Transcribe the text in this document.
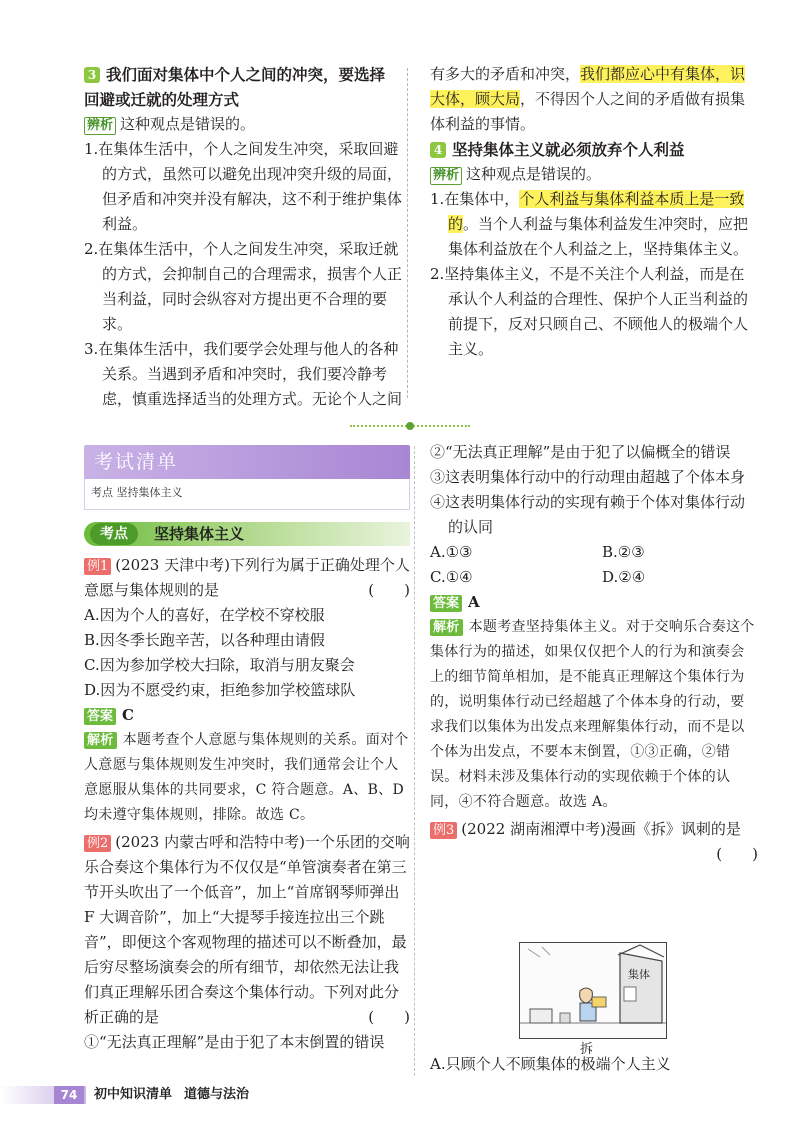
3 我们面对集体中个人之间的冲突，要选择
回避或迁就的处理方式

辨析 这种观点是错误的。

1.在集体生活中，个人之间发生冲突，采取回避的方式，虽然可以避免出现冲突升级的局面，但矛盾和冲突并没有解决，这不利于维护集体利益。

2.在集体生活中，个人之间发生冲突，采取迁就的方式，会抑制自己的合理需求，损害个人正当利益，同时会纵容对方提出更不合理的要求。

3.在集体生活中，我们要学会处理与他人的各种关系。当遇到矛盾和冲突时，我们要冷静考虑，慎重选择适当的处理方式。无论个人之间

有多大的矛盾和冲突，我们都应心中有集体，识大体，顾大局，不得因个人之间的矛盾做有损集体利益的事情。

4 坚持集体主义就必须放弃个人利益

辨析 这种观点是错误的。

1.在集体中，个人利益与集体利益本质上是一致的。当个人利益与集体利益发生冲突时，应把集体利益放在个人利益之上，坚持集体主义。

2.坚持集体主义，不是不关注个人利益，而是在承认个人利益的合理性、保护个人正当利益的前提下，反对只顾自己、不顾他人的极端个人主义。

考试清单
考点 坚持集体主义
考点	坚持集体主义

例1 (2023 天津中考)下列行为属于正确处理个人意愿与集体规则的是	(　　)

A.因为个人的喜好，在学校不穿校服

B.因冬季长跑辛苦，以各种理由请假

C.因为参加学校大扫除，取消与朋友聚会

D.因为不愿受约束，拒绝参加学校篮球队

答案 C

解析 本题考查个人意愿与集体规则的关系。面对个人意愿与集体规则发生冲突时，我们通常会让个人意愿服从集体的共同要求，C 符合题意。A、B、D 均未遵守集体规则，排除。故选 C。

例2 (2023 内蒙古呼和浩特中考)一个乐团的交响乐合奏这个集体行为不仅仅是“单管演奏者在第三节开头吹出了一个低音”，加上“首席钢琴师弹出 F 大调音阶”，加上“大提琴手接连拉出三个跳音”，即便这个客观物理的描述可以不断叠加，最后穷尽整场演奏会的所有细节，却依然无法让我们真正理解乐团合奏这个集体行动。下列对此分析正确的是	(　　)

①“无法真正理解”是由于犯了本末倒置的错误

②“无法真正理解”是由于犯了以偏概全的错误

③这表明集体行动中的行动理由超越了个体本身

④这表明集体行动的实现有赖于个体对集体行动的认同

A.①③	B.②③
C.①④	D.②④

答案 A

解析 本题考查坚持集体主义。对于交响乐合奏这个集体行为的描述，如果仅仅把个人的行为和演奏会上的细节简单相加，是不能真正理解这个集体行为的，说明集体行动已经超越了个体本身的行动，要求我们以集体为出发点来理解集体行动，而不是以个体为出发点，不要本末倒置，①③正确，②错误。材料未涉及集体行动的实现依赖于个体的认同，④不符合题意。故选 A。

例3 (2022 湖南湘潭中考)漫画《拆》讽刺的是

(　　)

集体
拆

A.只顾个人不顾集体的极端个人主义

74	初中知识清单 道德与法治
